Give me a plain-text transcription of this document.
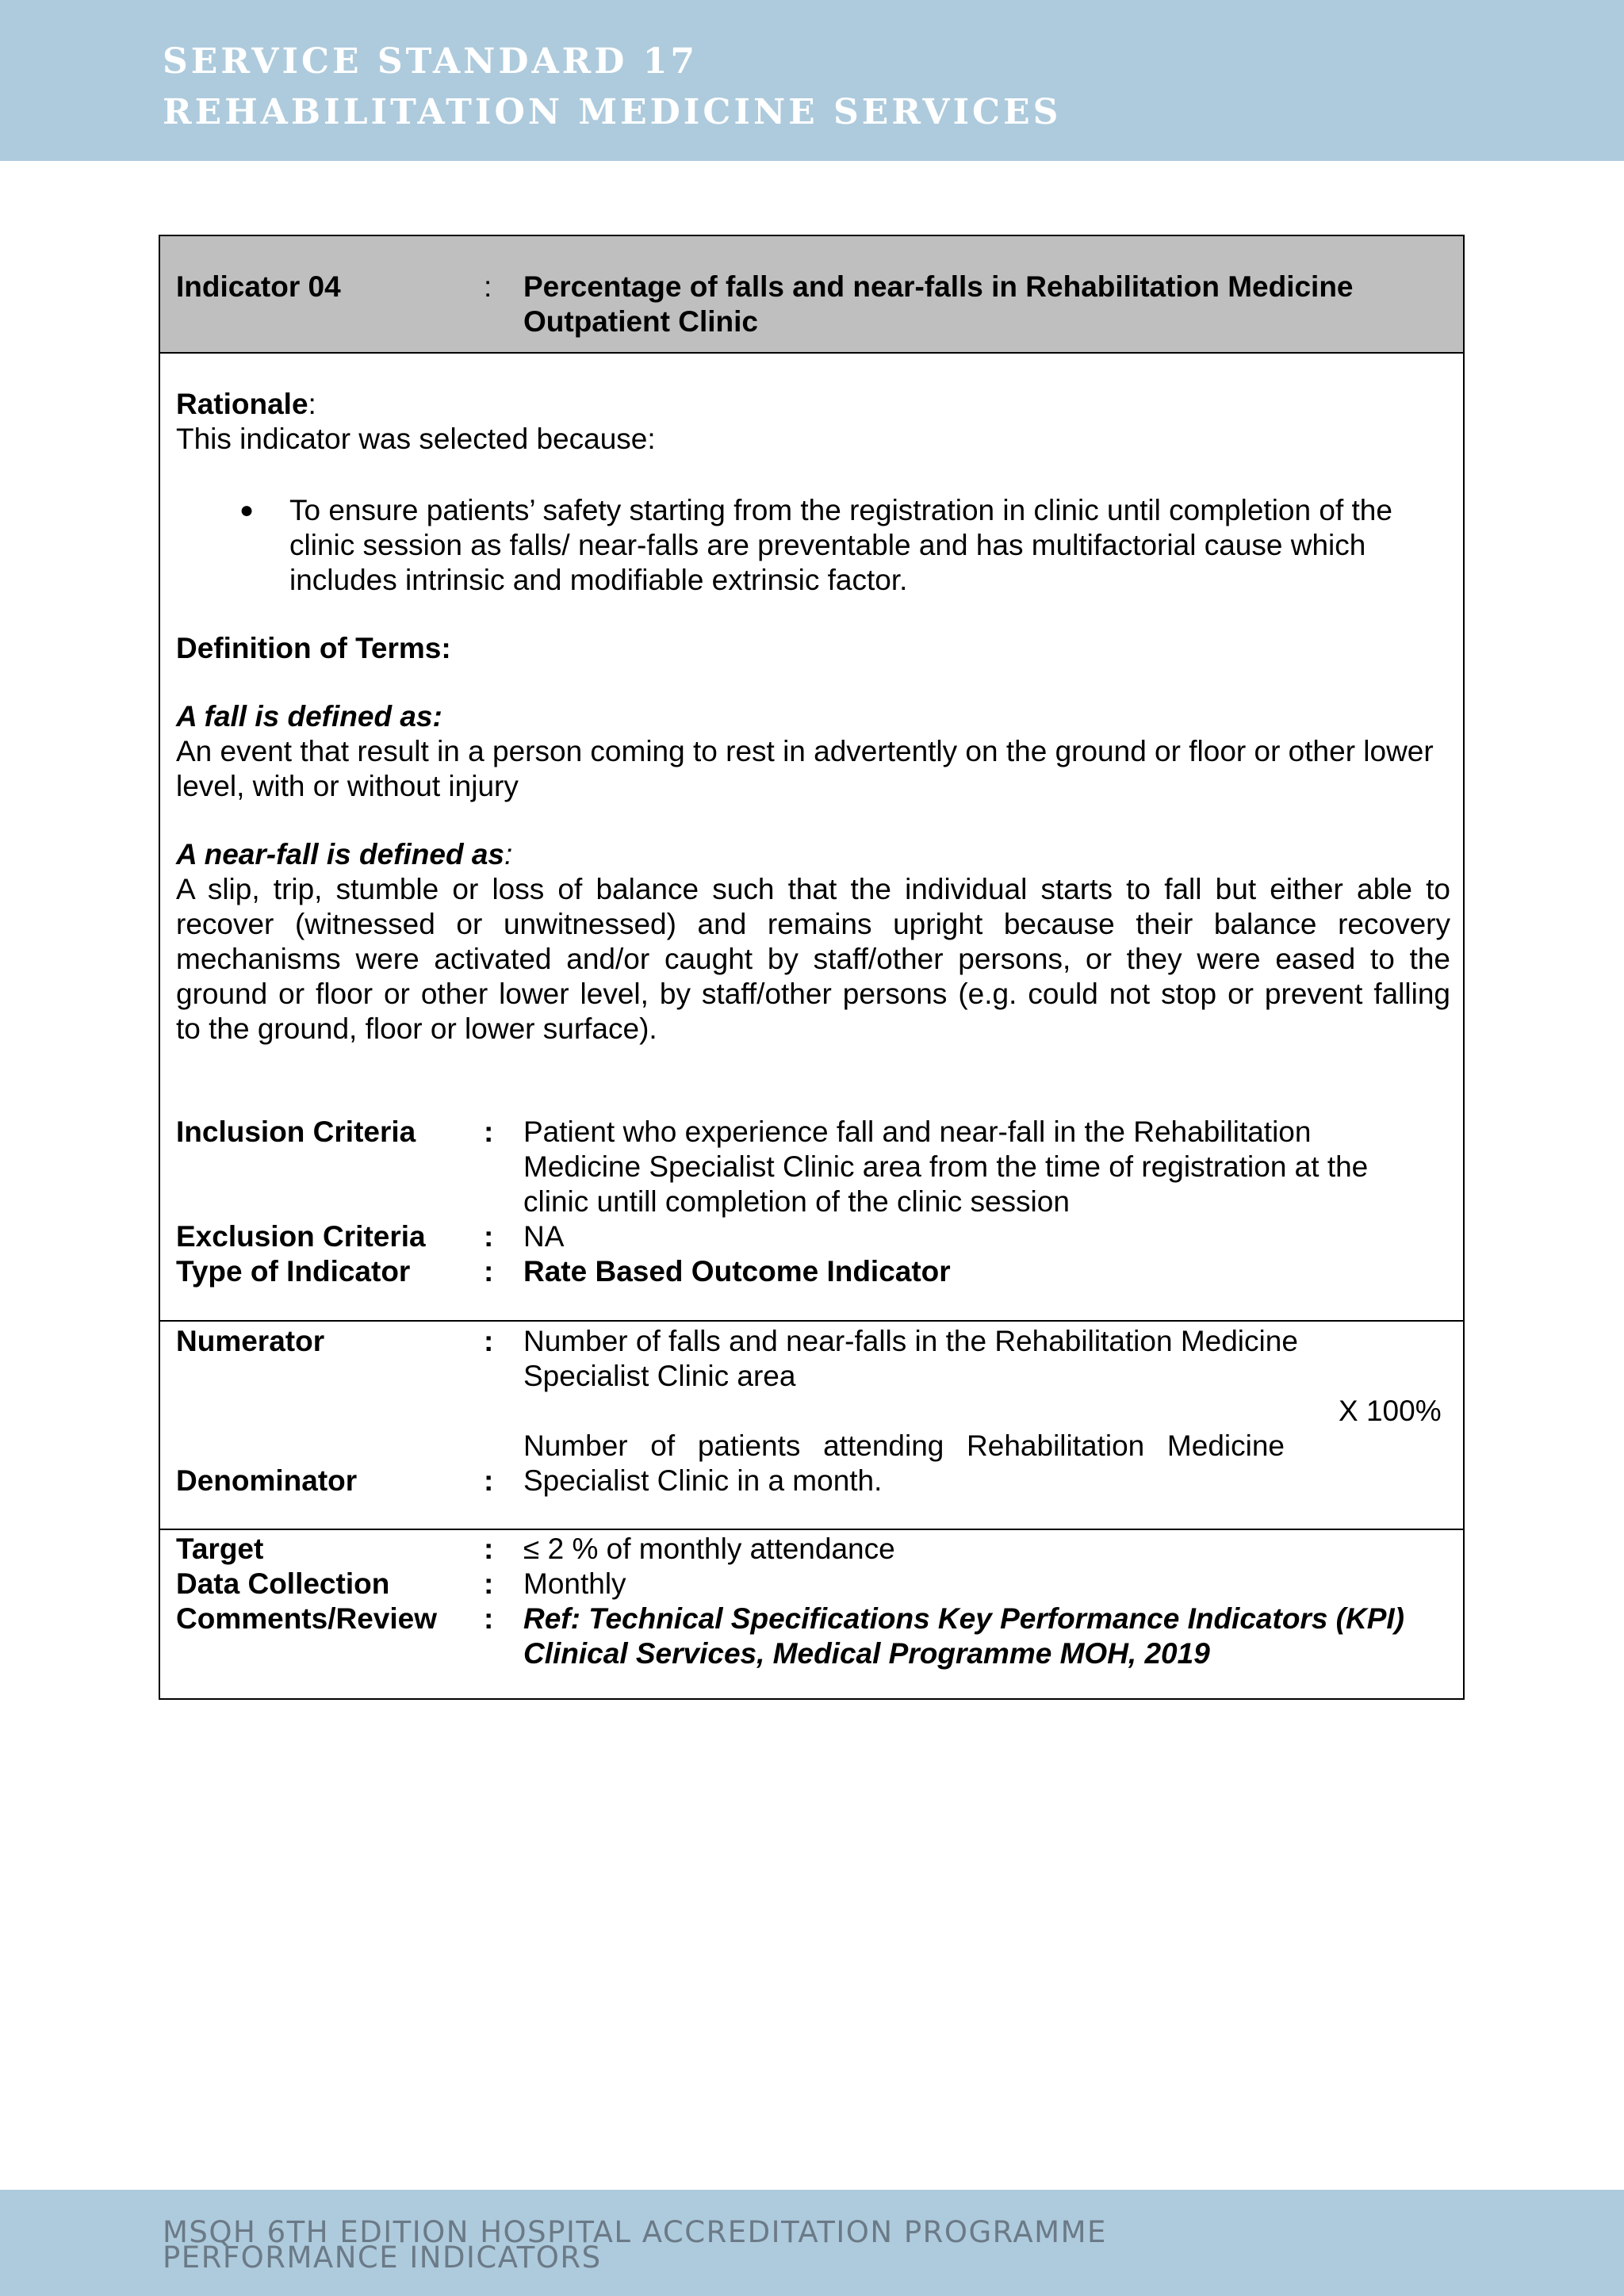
SERVICE STANDARD 17
REHABILITATION MEDICINE SERVICES
Indicator 04	: Percentage of falls and near-falls in Rehabilitation Medicine
Outpatient Clinic
Rationale:
This indicator was selected because:
● To ensure patients’ safety starting from the registration in clinic until completion of the
clinic session as falls/ near-falls are preventable and has multifactorial cause which
includes intrinsic and modifiable extrinsic factor.
Definition of Terms:
A fall is defined as:
An event that result in a person coming to rest in advertently on the ground or floor or other lower
level, with or without injury
A near-fall is defined as:
A slip, trip, stumble or loss of balance such that the individual starts to fall but either able to
recover (witnessed or unwitnessed) and remains upright because their balance recovery
mechanisms were activated and/or caught by staff/other persons, or they were eased to the
ground or floor or other lower level, by staff/other persons (e.g. could not stop or prevent falling
to the ground, floor or lower surface).
Inclusion Criteria : Patient who experience fall and near-fall in the Rehabilitation
Medicine Specialist Clinic area from the time of registration at the
clinic untill completion of the clinic session
Exclusion Criteria : NA
Type of Indicator	: Rate Based Outcome Indicator
Numerator	: Number of falls and near-falls in the Rehabilitation Medicine
Specialist Clinic area
X 100%
Number of patients attending Rehabilitation Medicine
Denominator	: Specialist Clinic in a month.
Target	: ≤ 2 % of monthly attendance
Data Collection	: Monthly
Comments/Review : Ref: Technical Specifications Key Performance Indicators (KPI)
Clinical Services, Medical Programme MOH, 2019
MSQH 6TH EDITION HOSPITAL ACCREDITATION PROGRAMME
PERFORMANCE INDICATORS
